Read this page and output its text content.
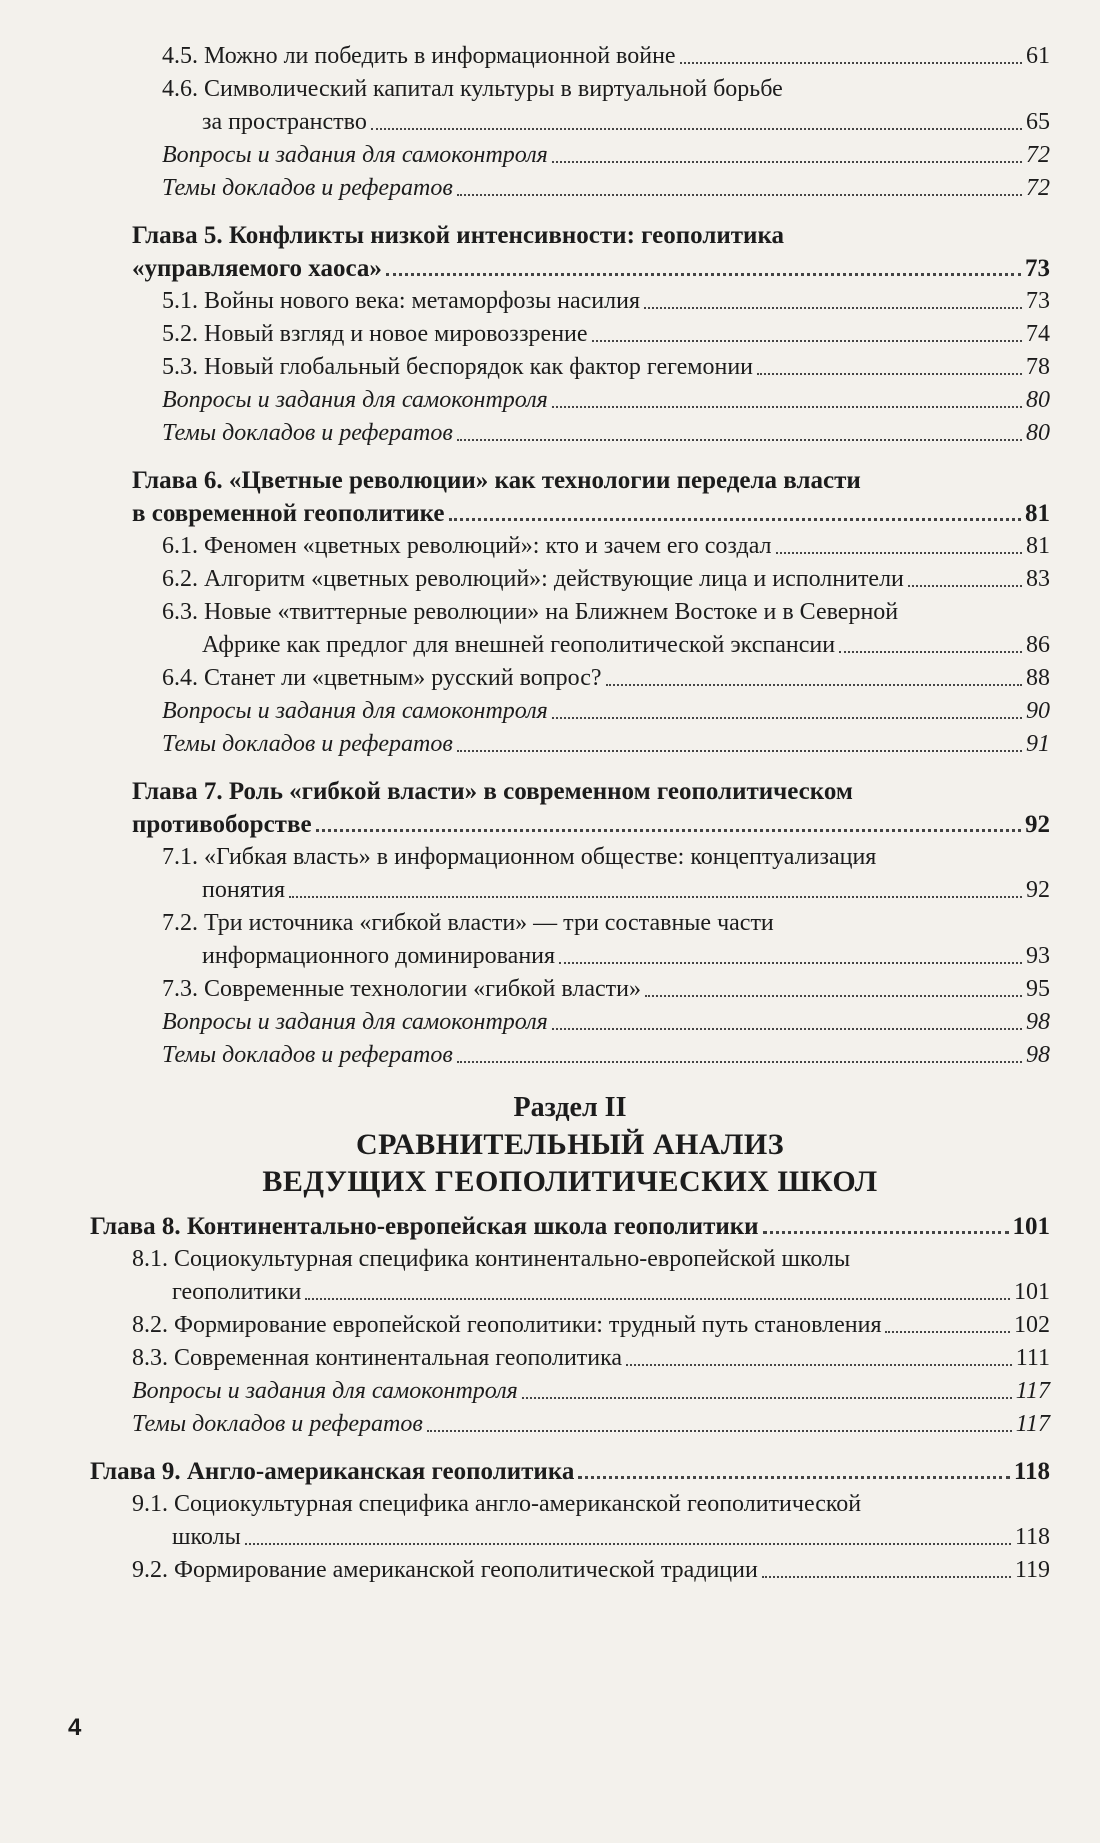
4.5. Можно ли победить в информационной войне	61
4.6. Символический капитал культуры в виртуальной борьбе
за пространство	65
Вопросы и задания для самоконтроля	72
Темы докладов и рефератов	72
Глава 5. Конфликты низкой интенсивности: геополитика
«управляемого хаоса»	73
5.1. Войны нового века: метаморфозы насилия	73
5.2. Новый взгляд и новое мировоззрение	74
5.3. Новый глобальный беспорядок как фактор гегемонии	78
Вопросы и задания для самоконтроля	80
Темы докладов и рефератов	80
Глава 6. «Цветные революции» как технологии передела власти
в современной геополитике	81
6.1. Феномен «цветных революций»: кто и зачем его создал	81
6.2. Алгоритм «цветных революций»: действующие лица и исполнители	83
6.3. Новые «твиттерные революции» на Ближнем Востоке и в Северной
Африке как предлог для внешней геополитической экспансии	86
6.4. Станет ли «цветным» русский вопрос?	88
Вопросы и задания для самоконтроля	90
Темы докладов и рефератов	91
Глава 7. Роль «гибкой власти» в современном геополитическом
противоборстве	92
7.1. «Гибкая власть» в информационном обществе: концептуализация
понятия	92
7.2. Три источника «гибкой власти» — три составные части
информационного доминирования	93
7.3. Современные технологии «гибкой власти»	95
Вопросы и задания для самоконтроля	98
Темы докладов и рефератов	98
Раздел II
СРАВНИТЕЛЬНЫЙ АНАЛИЗ
ВЕДУЩИХ ГЕОПОЛИТИЧЕСКИХ ШКОЛ
Глава 8. Континентально-европейская школа геополитики	101
8.1. Социокультурная специфика континентально-европейской школы
геополитики	101
8.2. Формирование европейской геополитики: трудный путь становления	102
8.3. Современная континентальная геополитика	111
Вопросы и задания для самоконтроля	117
Темы докладов и рефератов	117
Глава 9. Англо-американская геополитика	118
9.1. Социокультурная специфика англо-американской геополитической
школы	118
9.2. Формирование американской геополитической традиции	119
4
